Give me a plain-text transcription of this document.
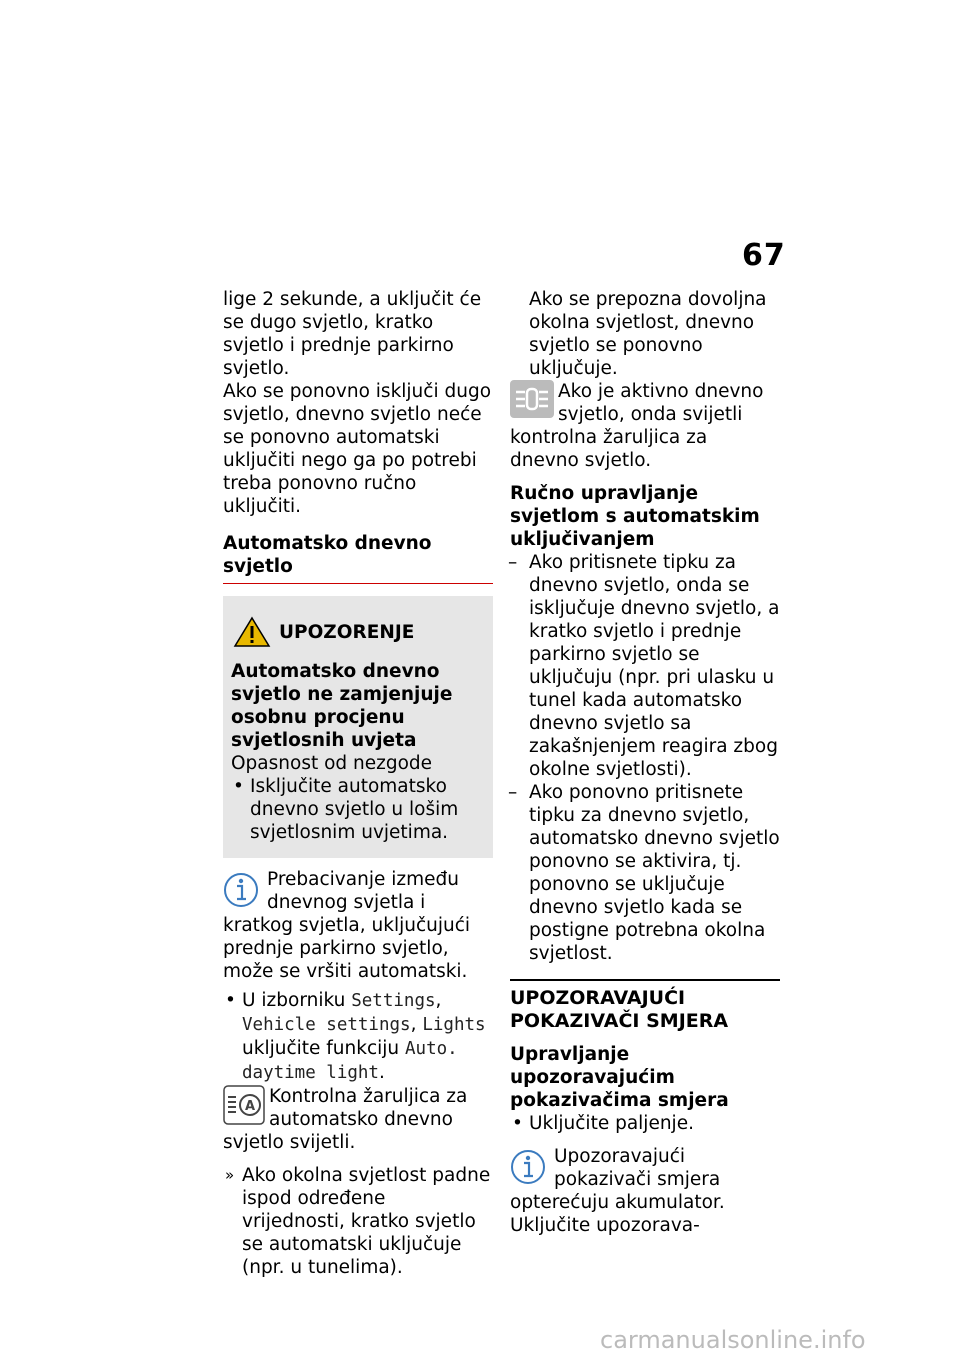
67

lige 2 sekunde, a uključit će se dugo svjetlo, kratko svjetlo i prednje parkirno svjetlo.

Ako se ponovno isključi dugo svjetlo, dnevno svjetlo neće se ponovno automatski uključiti nego ga po potrebi treba ponovno ručno uključiti.

Automatsko dnevno svjetlo

UPOZORENJE

Automatsko dnevno svjetlo ne zamjenjuje osobnu procjenu svjetlosnih uvjeta

Opasnost od nezgode

• Isključite automatsko dnevno svjetlo u lošim svjetlosnim uvjetima.

Prebacivanje između dnevnog svjetla i kratkog svjetla, uključujući prednje parkirno svjetlo, može se vršiti automatski.

• U izborniku Settings, Vehicle settings, Lights uključite funkciju Auto. daytime light.

A Kontrolna žaruljica za automatsko dnevno svjetlo svijetli.

» Ako okolna svjetlost padne ispod određene vrijednosti, kratko svjetlo se automatski uključuje (npr. u tunelima).

Ako se prepozna dovoljna okolna svjetlost, dnevno svjetlo se ponovno uključuje.

Ako je aktivno dnevno svjetlo, onda svijetli kontrolna žaruljica za dnevno svjetlo.

Ručno upravljanje svjetlom s automatskim uključivanjem

– Ako pritisnete tipku za dnevno svjetlo, onda se isključuje dnevno svjetlo, a kratko svjetlo i prednje parkirno svjetlo se uključuju (npr. pri ulasku u tunel kada automatsko dnevno svjetlo sa zakašnjenjem reagira zbog okolne svjetlosti).

– Ako ponovno pritisnete tipku za dnevno svjetlo, automatsko dnevno svjetlo ponovno se aktivira, tj. ponovno se uključuje dnevno svjetlo kada se postigne potrebna okolna svjetlost.

UPOZORAVAJUĆI POKAZIVAČI SMJERA

Upravljanje upozoravajućim pokazivačima smjera

• Uključite paljenje.

Upozoravajući pokazivači smjera opterećuju akumulator. Uključite upozorava-

carmanualsonline.info
